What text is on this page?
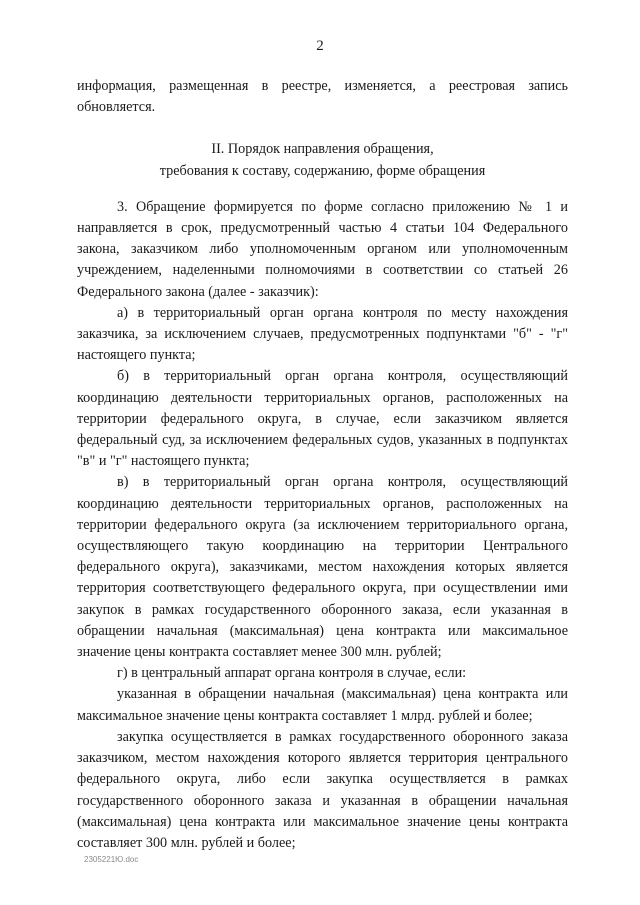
2

информация, размещенная в реестре, изменяется, а реестровая запись обновляется.

II. Порядок направления обращения,
требования к составу, содержанию, форме обращения

3. Обращение формируется по форме согласно приложению № 1 и направляется в срок, предусмотренный частью 4 статьи 104 Федерального закона, заказчиком либо уполномоченным органом или уполномоченным учреждением, наделенными полномочиями в соответствии со статьей 26 Федерального закона (далее - заказчик):

а) в территориальный орган органа контроля по месту нахождения заказчика, за исключением случаев, предусмотренных подпунктами "б" - "г" настоящего пункта;

б) в территориальный орган органа контроля, осуществляющий координацию деятельности территориальных органов, расположенных на территории федерального округа, в случае, если заказчиком является федеральный суд, за исключением федеральных судов, указанных в подпунктах "в" и "г" настоящего пункта;

в) в территориальный орган органа контроля, осуществляющий координацию деятельности территориальных органов, расположенных на территории федерального округа (за исключением территориального органа, осуществляющего такую координацию на территории Центрального федерального округа), заказчиками, местом нахождения которых является территория соответствующего федерального округа, при осуществлении ими закупок в рамках государственного оборонного заказа, если указанная в обращении начальная (максимальная) цена контракта или максимальное значение цены контракта составляет менее 300 млн. рублей;

г) в центральный аппарат органа контроля в случае, если:

указанная в обращении начальная (максимальная) цена контракта или максимальное значение цены контракта составляет 1 млрд. рублей и более;

закупка осуществляется в рамках государственного оборонного заказа заказчиком, местом нахождения которого является территория центрального федерального округа, либо если закупка осуществляется в рамках государственного оборонного заказа и указанная в обращении начальная (максимальная) цена контракта или максимальное значение цены контракта составляет 300 млн. рублей и более;

2305221Ю.doc
